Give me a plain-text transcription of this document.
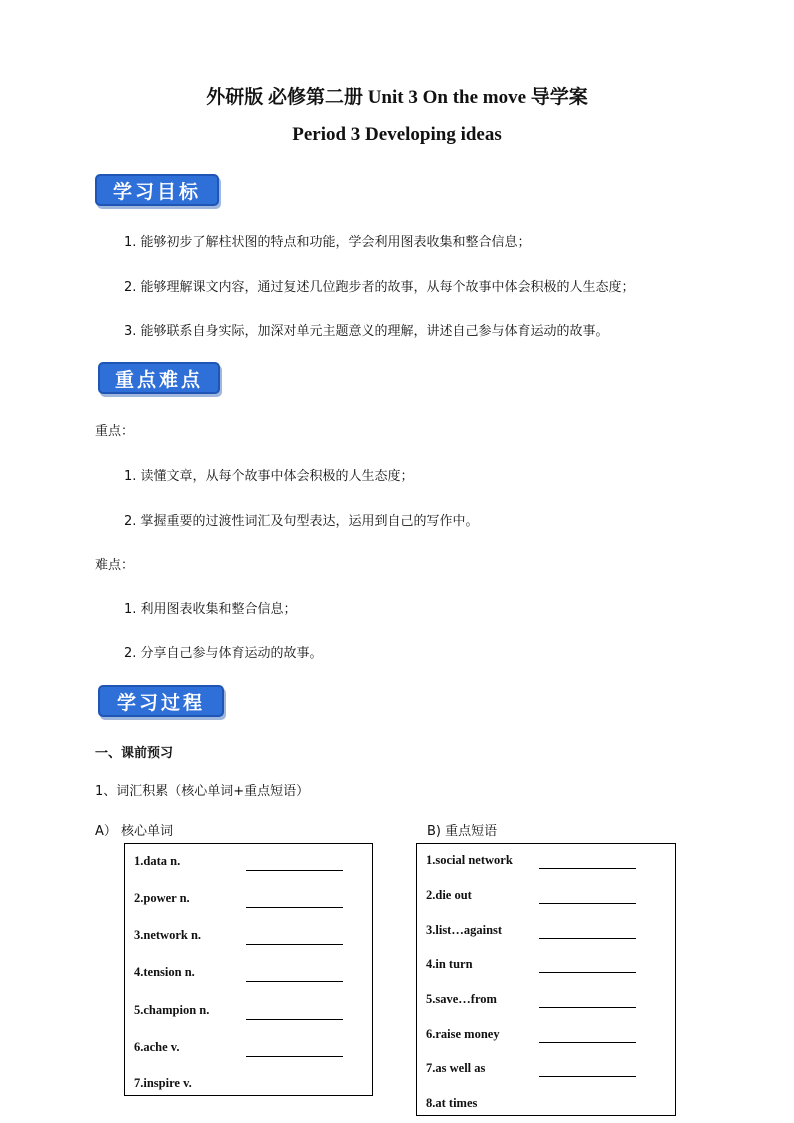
外研版 必修第二册 Unit 3 On the move 导学案
Period 3 Developing ideas
学习目标
1. 能够初步了解柱状图的特点和功能，学会利用图表收集和整合信息；
2. 能够理解课文内容，通过复述几位跑步者的故事，从每个故事中体会积极的人生态度；
3. 能够联系自身实际，加深对单元主题意义的理解，讲述自己参与体育运动的故事。
重点难点
重点：
1. 读懂文章，从每个故事中体会积极的人生态度；
2. 掌握重要的过渡性词汇及句型表达，运用到自己的写作中。
难点：
1. 利用图表收集和整合信息；
2. 分享自己参与体育运动的故事。
学习过程
一、课前预习
1、词汇积累（核心单词+重点短语）
A） 核心单词	B) 重点短语
1.data n.
2.power n.
3.network n.
4.tension n.
5.champion n.
6.ache v.
7.inspire v.
1.social network
2.die out
3.list…against
4.in turn
5.save…from
6.raise money
7.as well as
8.at times
